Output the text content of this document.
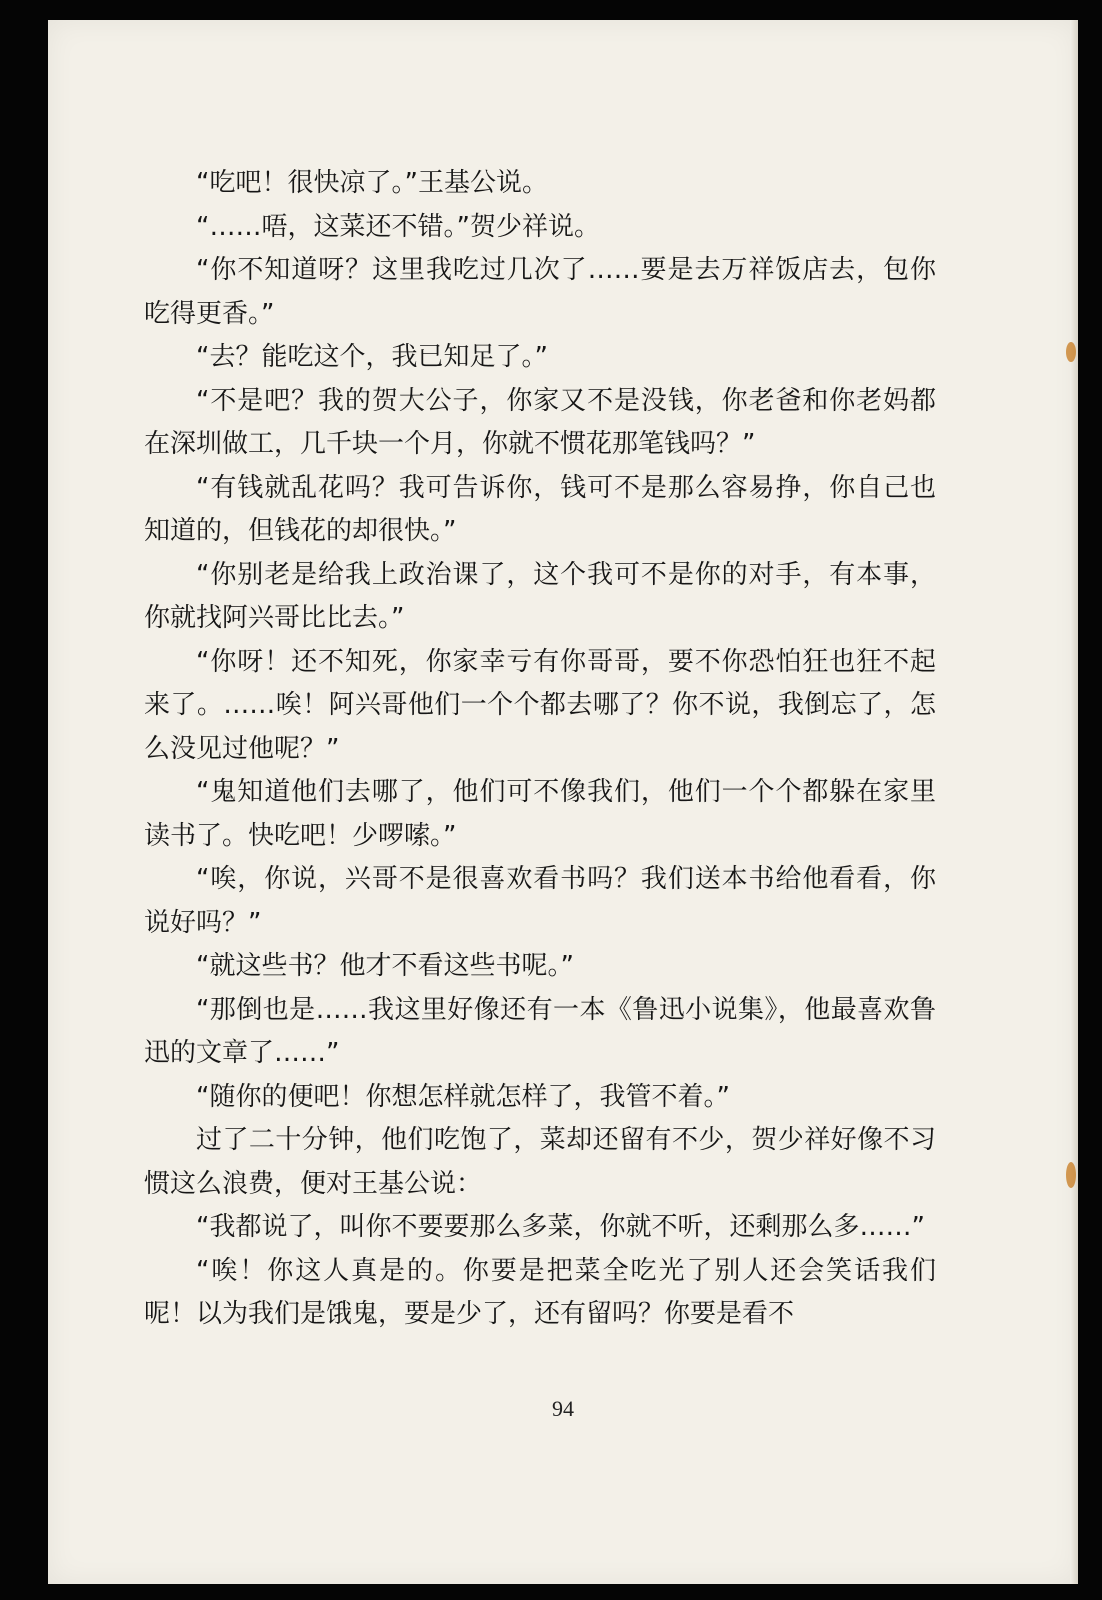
“吃吧！很快凉了。”王基公说。

“……唔，这菜还不错。”贺少祥说。

“你不知道呀？这里我吃过几次了……要是去万祥饭店去，包你吃得更香。”

“去？能吃这个，我已知足了。”

“不是吧？我的贺大公子，你家又不是没钱，你老爸和你老妈都在深圳做工，几千块一个月，你就不惯花那笔钱吗？”

“有钱就乱花吗？我可告诉你，钱可不是那么容易挣，你自己也知道的，但钱花的却很快。”

“你别老是给我上政治课了，这个我可不是你的对手，有本事，你就找阿兴哥比比去。”

“你呀！还不知死，你家幸亏有你哥哥，要不你恐怕狂也狂不起来了。……唉！阿兴哥他们一个个都去哪了？你不说，我倒忘了，怎么没见过他呢？”

“鬼知道他们去哪了，他们可不像我们，他们一个个都躲在家里读书了。快吃吧！少啰嗦。”

“唉，你说，兴哥不是很喜欢看书吗？我们送本书给他看看，你说好吗？”

“就这些书？他才不看这些书呢。”

“那倒也是……我这里好像还有一本《鲁迅小说集》，他最喜欢鲁迅的文章了……”

“随你的便吧！你想怎样就怎样了，我管不着。”

过了二十分钟，他们吃饱了，菜却还留有不少，贺少祥好像不习惯这么浪费，便对王基公说：

“我都说了，叫你不要要那么多菜，你就不听，还剩那么多……”

“唉！你这人真是的。你要是把菜全吃光了别人还会笑话我们呢！以为我们是饿鬼，要是少了，还有留吗？你要是看不

94
